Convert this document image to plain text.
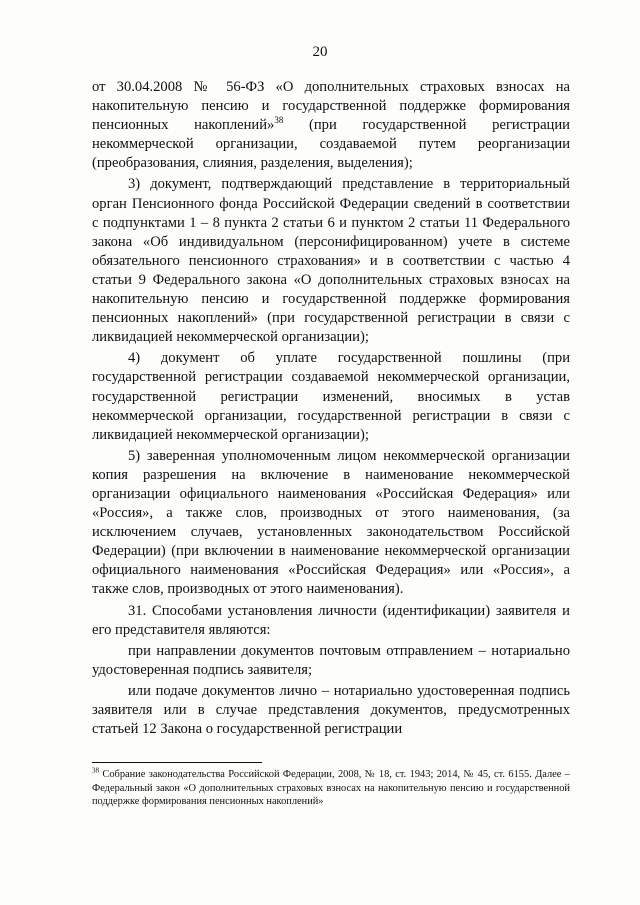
20

от 30.04.2008 № 56-ФЗ «О дополнительных страховых взносах на накопительную пенсию и государственной поддержке формирования пенсионных накоплений»$^{38}$ (при государственной регистрации некоммерческой организации, создаваемой путем реорганизации (преобразования, слияния, разделения, выделения);

3) документ, подтверждающий представление в территориальный орган Пенсионного фонда Российской Федерации сведений в соответствии с подпунктами 1 – 8 пункта 2 статьи 6 и пунктом 2 статьи 11 Федерального закона «Об индивидуальном (персонифицированном) учете в системе обязательного пенсионного страхования» и в соответствии с частью 4 статьи 9 Федерального закона «О дополнительных страховых взносах на накопительную пенсию и государственной поддержке формирования пенсионных накоплений» (при государственной регистрации в связи с ликвидацией некоммерческой организации);

4) документ об уплате государственной пошлины (при государственной регистрации создаваемой некоммерческой организации, государственной регистрации изменений, вносимых в устав некоммерческой организации, государственной регистрации в связи с ликвидацией некоммерческой организации);

5) заверенная уполномоченным лицом некоммерческой организации копия разрешения на включение в наименование некоммерческой организации официального наименования «Российская Федерация» или «Россия», а также слов, производных от этого наименования, (за исключением случаев, установленных законодательством Российской Федерации) (при включении в наименование некоммерческой организации официального наименования «Российская Федерация» или «Россия», а также слов, производных от этого наименования).

31. Способами установления личности (идентификации) заявителя и его представителя являются:

при направлении документов почтовым отправлением – нотариально удостоверенная подпись заявителя;

или подаче документов лично – нотариально удостоверенная подпись заявителя или в случае представления документов, предусмотренных статьей 12 Закона о государственной регистрации

$^{38}$ Собрание законодательства Российской Федерации, 2008, № 18, ст. 1943; 2014, № 45, ст. 6155. Далее – Федеральный закон «О дополнительных страховых взносах на накопительную пенсию и государственной поддержке формирования пенсионных накоплений»
